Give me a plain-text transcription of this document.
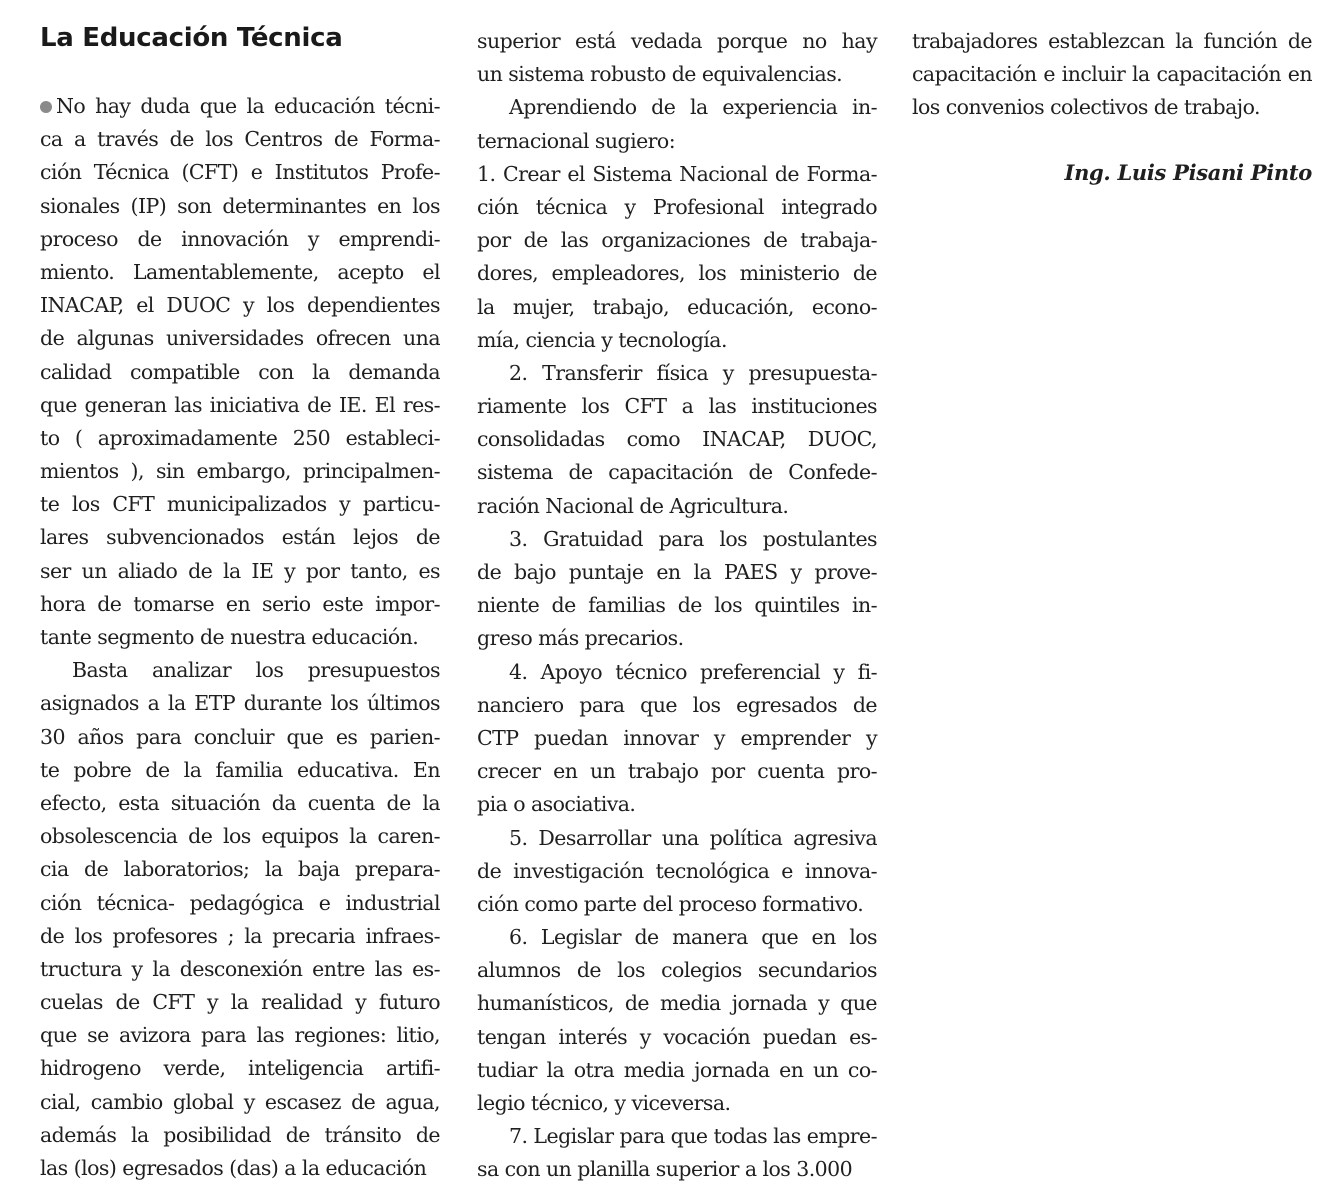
La Educación Técnica
No hay duda que la educación técni-
ca a través de los Centros de Forma-
ción Técnica (CFT) e Institutos Profe-
sionales (IP) son determinantes en los
proceso de innovación y emprendi-
miento. Lamentablemente, acepto el
INACAP, el DUOC y los dependientes
de algunas universidades ofrecen una
calidad compatible con la demanda
que generan las iniciativa de IE. El res-
to ( aproximadamente 250 estableci-
mientos ), sin embargo, principalmen-
te los CFT municipalizados y particu-
lares subvencionados están lejos de
ser un aliado de la IE y por tanto, es
hora de tomarse en serio este impor-
tante segmento de nuestra educación.
Basta analizar los presupuestos
asignados a la ETP durante los últimos
30 años para concluir que es parien-
te pobre de la familia educativa. En
efecto, esta situación da cuenta de la
obsolescencia de los equipos la caren-
cia de laboratorios; la baja prepara-
ción técnica- pedagógica e industrial
de los profesores ; la precaria infraes-
tructura y la desconexión entre las es-
cuelas de CFT y la realidad y futuro
que se avizora para las regiones: litio,
hidrogeno verde, inteligencia artifi-
cial, cambio global y escasez de agua,
además la posibilidad de tránsito de
las (los) egresados (das) a la educación
superior está vedada porque no hay
un sistema robusto de equivalencias.
Aprendiendo de la experiencia in-
ternacional sugiero:
1. Crear el Sistema Nacional de Forma-
ción técnica y Profesional integrado
por de las organizaciones de trabaja-
dores, empleadores, los ministerio de
la mujer, trabajo, educación, econo-
mía, ciencia y tecnología.
2. Transferir física y presupuesta-
riamente los CFT a las instituciones
consolidadas como INACAP, DUOC,
sistema de capacitación de Confede-
ración Nacional de Agricultura.
3. Gratuidad para los postulantes
de bajo puntaje en la PAES y prove-
niente de familias de los quintiles in-
greso más precarios.
4. Apoyo técnico preferencial y fi-
nanciero para que los egresados de
CTP puedan innovar y emprender y
crecer en un trabajo por cuenta pro-
pia o asociativa.
5. Desarrollar una política agresiva
de investigación tecnológica e innova-
ción como parte del proceso formativo.
6. Legislar de manera que en los
alumnos de los colegios secundarios
humanísticos, de media jornada y que
tengan interés y vocación puedan es-
tudiar la otra media jornada en un co-
legio técnico, y viceversa.
7. Legislar para que todas las empre-
sa con un planilla superior a los 3.000
trabajadores establezcan la función de
capacitación e incluir la capacitación en
los convenios colectivos de trabajo.
Ing. Luis Pisani Pinto
